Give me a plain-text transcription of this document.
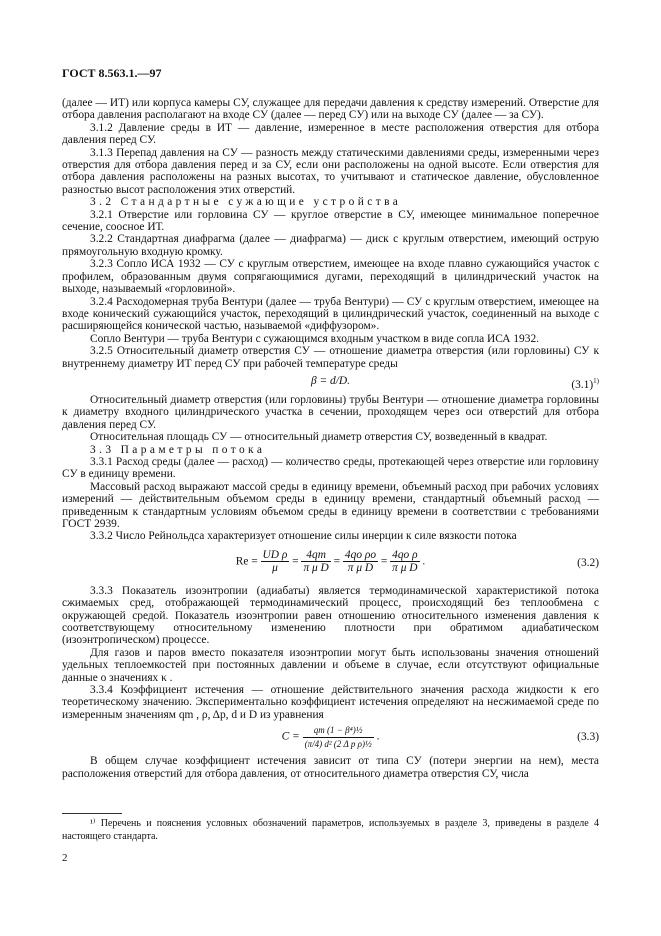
ГОСТ 8.563.1.—97

(далее — ИТ) или корпуса камеры СУ, служащее для передачи давления к средству измерений. Отверстие для отбора давления располагают на входе СУ (далее — перед СУ) или на выходе СУ (далее — за СУ).

3.1.2 Давление среды в ИТ — давление, измеренное в месте расположения отверстия для отбора давления перед СУ.

3.1.3 Перепад давления на СУ — разность между статическими давлениями среды, измеренными через отверстия для отбора давления перед и за СУ, если они расположены на одной высоте. Если отверстия для отбора давления расположены на разных высотах, то учитывают и статическое давление, обусловленное разностью высот расположения этих отверстий.

3.2 Стандартные сужающие устройства

3.2.1 Отверстие или горловина СУ — круглое отверстие в СУ, имеющее минимальное поперечное сечение, соосное ИТ.

3.2.2 Стандартная диафрагма (далее — диафрагма) — диск с круглым отверстием, имеющий острую прямоугольную входную кромку.

3.2.3 Сопло ИСА 1932 — СУ с круглым отверстием, имеющее на входе плавно сужающийся участок с профилем, образованным двумя сопрягающимися дугами, переходящий в цилиндрический участок на выходе, называемый «горловиной».

3.2.4 Расходомерная труба Вентури (далее — труба Вентури) — СУ с круглым отверстием, имеющее на входе конический сужающийся участок, переходящий в цилиндрический участок, соединенный на выходе с расширяющейся конической частью, называемой «диффузором».

Сопло Вентури — труба Вентури с сужающимся входным участком в виде сопла ИСА 1932.

3.2.5 Относительный диаметр отверстия СУ — отношение диаметра отверстия (или горловины) СУ к внутреннему диаметру ИТ перед СУ при рабочей температуре среды

β = d/D.	$(3.1)^{1)}$

Относительный диаметр отверстия (или горловины) трубы Вентури — отношение диаметра горловины к диаметру входного цилиндрического участка в сечении, проходящем через оси отверстий для отбора давления перед СУ.

Относительная площадь СУ — относительный диаметр отверстия СУ, возведенный в квадрат.

3.3 Параметры потока

3.3.1 Расход среды (далее — расход) — количество среды, протекающей через отверстие или горловину СУ в единицу времени.

Массовый расход выражают массой среды в единицу времени, объемный расход при рабочих условиях измерений — действительным объемом среды в единицу времени, стандартный объемный расход — приведенным к стандартным условиям объемом среды в единицу времени в соответствии с требованиями ГОСТ 2939.

3.3.2 Число Рейнольдса характеризует отношение силы инерции к силе вязкости потока

$Re = \frac{\text{UD ρ}}{\mu} = \frac{4qm}{\text{π μ D}} = \frac{\text{4qo ρo}}{\text{π μ D}} = \frac{\text{4qo ρ}}{\text{π μ D}}$ .	(3.2)

3.3.3 Показатель изоэнтропии (адиабаты) является термодинамической характеристикой потока сжимаемых сред, отображающей термодинамический процесс, происходящий без теплообмена с окружающей средой. Показатель изоэнтропии равен отношению относительного изменения давления к соответствующему относительному изменению плотности при обратимом адиабатическом (изоэнтропическом) процессе.

Для газов и паров вместо показателя изоэнтропии могут быть использованы значения отношений удельных теплоемкостей при постоянных давлении и объеме в случае, если отсутствуют официальные данные о значениях κ .

3.3.4 Коэффициент истечения — отношение действительного значения расхода жидкости к его теоретическому значению. Экспериментально коэффициент истечения определяют на несжимаемой среде по измеренным значениям qm , ρ, Δp, d и D из уравнения

$C = \frac{\text{qm (1 − β⁴)½}}{\text{(π/4) d² (2 Δ p ρ)½}}$ .	(3.3)

В общем случае коэффициент истечения зависит от типа СУ (потери энергии на нем), места расположения отверстий для отбора давления, от относительного диаметра отверстия СУ, числа

¹⁾ Перечень и пояснения условных обозначений параметров, используемых в разделе 3, приведены в разделе 4 настоящего стандарта.
2
